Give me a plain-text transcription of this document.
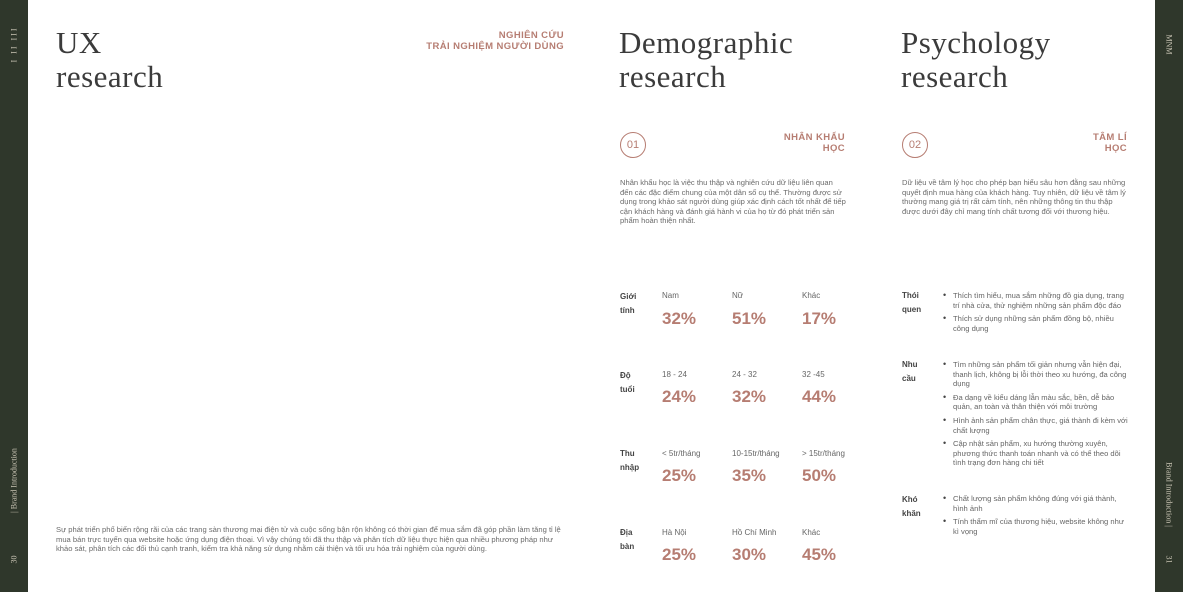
I II III
| Brand Introduction
30
MNM
Brand Introduction |
31
UX
research
NGHIÊN CỨU
TRẢI NGHIỆM NGƯỜI DÙNG
Sự phát triển phổ biến rộng rãi của các trang sàn thương mại điện tử và cuộc sống bận rộn không có thời gian để mua sắm đã góp phần làm tăng tỉ lệ mua bán trực tuyến qua website hoặc ứng dụng điện thoại. Vì vậy chúng tôi đã thu thập và phân tích dữ liệu thực hiện qua nhiều phương pháp như khảo sát, phân tích các đối thủ cạnh tranh, kiểm tra khả năng sử dụng nhằm cải thiện và tối ưu hóa trải nghiệm của người dùng.
Demographic
research
01
NHÂN KHẨU
HỌC
Nhân khẩu học là việc thu thập và nghiên cứu dữ liệu liên quan đến các đặc điểm chung của một dân số cụ thể. Thường được sử dụng trong khảo sát người dùng giúp xác định cách tốt nhất để tiếp cận khách hàng và đánh giá hành vi của họ từ đó phát triển sản phẩm hoàn thiện nhất.
Giới
tính
Nam
32%
Nữ
51%
Khác
17%
Độ
tuổi
18 - 24
24%
24 - 32
32%
32 -45
44%
Thu
nhập
< 5tr/tháng
25%
10-15tr/tháng
35%
> 15tr/tháng
50%
Địa
bàn
Hà Nội
25%
Hồ Chí Minh
30%
Khác
45%
Psychology
research
02
TÂM LÍ
HỌC
Dữ liệu về tâm lý học cho phép bạn hiểu sâu hơn đằng sau những quyết định mua hàng của khách hàng. Tuy nhiên, dữ liệu về tâm lý thường mang giá trị rất cảm tính, nên những thông tin thu thập được dưới đây chỉ mang tính chất tương đối với thương hiệu.
Thói
quen
• Thích tìm hiểu, mua sắm những đồ gia dụng, trang trí nhà cửa, thử nghiệm những sản phẩm độc đáo
• Thích sử dụng những sản phẩm đồng bộ, nhiều công dụng
Nhu
cầu
• Tìm những sản phẩm tối giản nhưng vẫn hiện đại, thanh lịch, không bị lỗi thời theo xu hướng, đa công dụng
• Đa dạng về kiểu dáng lẫn màu sắc, bền, dễ bảo quản, an toàn và thân thiện với môi trường
• Hình ảnh sản phẩm chân thực, giá thành đi kèm với chất lượng
• Cập nhật sản phẩm, xu hướng thường xuyên, phương thức thanh toán nhanh và có thể theo dõi tình trạng đơn hàng chi tiết
Khó
khăn
• Chất lượng sản phẩm không đúng với giá thành, hình ảnh
• Tính thẩm mĩ của thương hiệu, website không như kì vọng
